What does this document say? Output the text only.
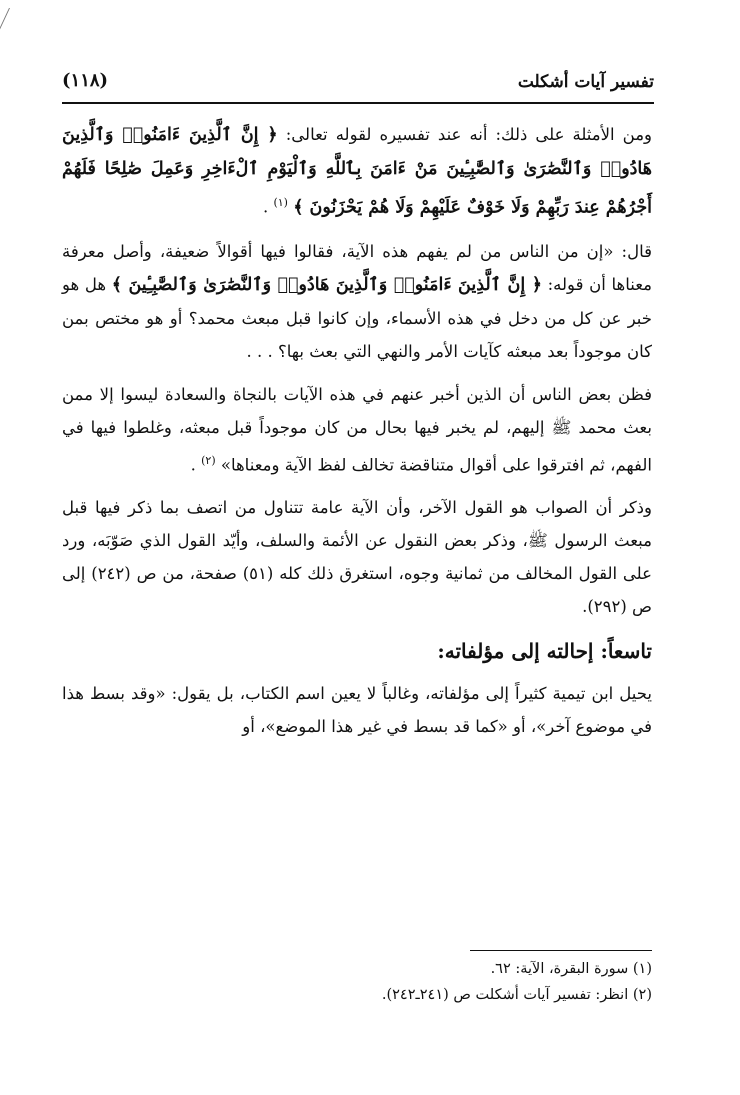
تفسير آيات أشكلت
(١١٨)

ومن الأمثلة على ذلك: أنه عند تفسيره لقوله تعالى: ﴿ إِنَّ ٱلَّذِينَ ءَامَنُوا۟ وَٱلَّذِينَ هَادُوا۟ وَٱلنَّصَٰرَىٰ وَٱلصَّٰبِـِٔينَ مَنْ ءَامَنَ بِٱللَّهِ وَٱلْيَوْمِ ٱلْءَاخِرِ وَعَمِلَ صَٰلِحًا فَلَهُمْ أَجْرُهُمْ عِندَ رَبِّهِمْ وَلَا خَوْفٌ عَلَيْهِمْ وَلَا هُمْ يَحْزَنُونَ ﴾ $^{(١)}$ .

قال: «إن من الناس من لم يفهم هذه الآية، فقالوا فيها أقوالاً ضعيفة، وأصل معرفة معناها أن قوله: ﴿ إِنَّ ٱلَّذِينَ ءَامَنُوا۟ وَٱلَّذِينَ هَادُوا۟ وَٱلنَّصَٰرَىٰ وَٱلصَّٰبِـِٔينَ ﴾ هل هو خبر عن كل من دخل في هذه الأسماء، وإن كانوا قبل مبعث محمد؟ أو هو مختص بمن كان موجوداً بعد مبعثه كآيات الأمر والنهي التي بعث بها؟ . . .

فظن بعض الناس أن الذين أخبر عنهم في هذه الآيات بالنجاة والسعادة ليسوا إلا ممن بعث محمد ﷺ إليهم، لم يخبر فيها بحال من كان موجوداً قبل مبعثه، وغلطوا فيها في الفهم، ثم افترقوا على أقوال متناقضة تخالف لفظ الآية ومعناها» $^{(٢)}$ .

وذكر أن الصواب هو القول الآخر، وأن الآية عامة تتناول من اتصف بما ذكر فيها قبل مبعث الرسول ﷺ، وذكر بعض النقول عن الأئمة والسلف، وأيّد القول الذي صَوّبَه، ورد على القول المخالف من ثمانية وجوه، استغرق ذلك كله (٥١) صفحة، من ص (٢٤٢) إلى ص (٢٩٢).

تاسعاً: إحالته إلى مؤلفاته:

يحيل ابن تيمية كثيراً إلى مؤلفاته، وغالباً لا يعين اسم الكتاب، بل يقول: «وقد بسط هذا في موضوع آخر»، أو «كما قد بسط في غير هذا الموضع»، أو

(١) سورة البقرة، الآية: ٦٢.

(٢) انظر: تفسير آيات أشكلت ص (٢٤١ـ٢٤٢).
